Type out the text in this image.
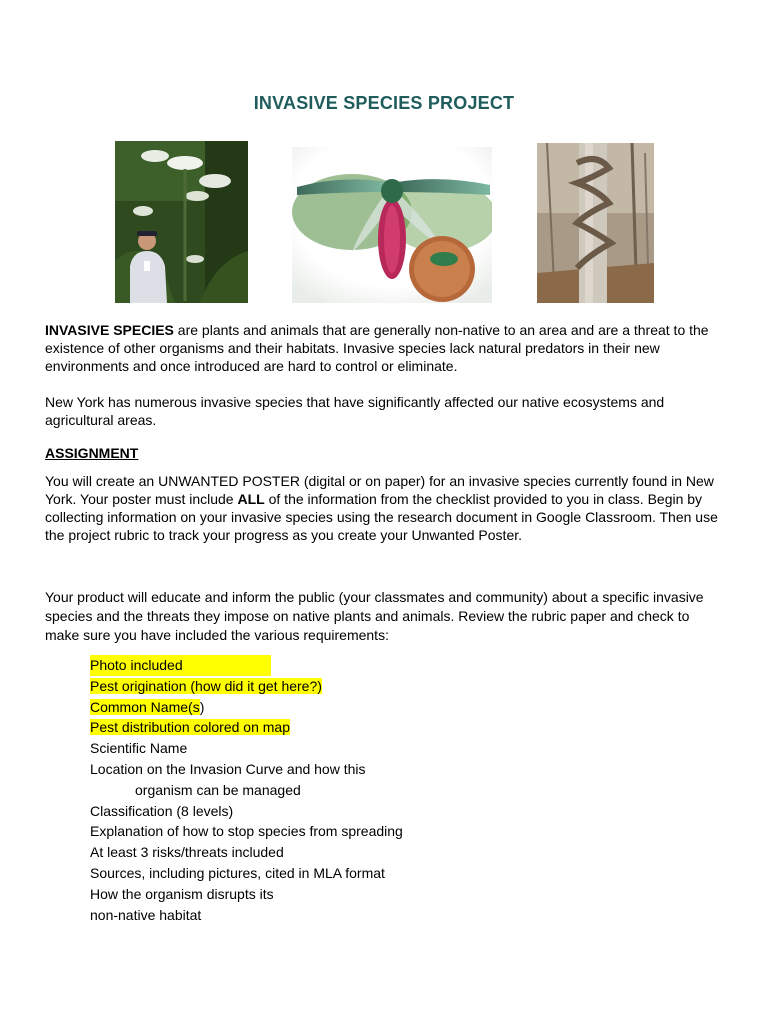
INVASIVE SPECIES PROJECT
INVASIVE SPECIES are plants and animals that are generally non-native to an area and are a threat to the existence of other organisms and their habitats. Invasive species lack natural predators in their new environments and once introduced are hard to control or eliminate.
New York has numerous invasive species that have significantly affected our native ecosystems and agricultural areas.
ASSIGNMENT
You will create an UNWANTED POSTER (digital or on paper) for an invasive species currently found in New York. Your poster must include ALL of the information from the checklist provided to you in class. Begin by collecting information on your invasive species using the research document in Google Classroom. Then use the project rubric to track your progress as you create your Unwanted Poster.
Your product will educate and inform the public (your classmates and community) about a specific invasive species and the threats they impose on native plants and animals. Review the rubric paper and check to make sure you have included the various requirements:
Photo included
Pest origination (how did it get here?)
Common Name(s)
Pest distribution colored on map
Scientific Name
Location on the Invasion Curve and how this
organism can be managed
Classification (8 levels)
Explanation of how to stop species from spreading
At least 3 risks/threats included
Sources, including pictures, cited in MLA format
How the organism disrupts its
non-native habitat
